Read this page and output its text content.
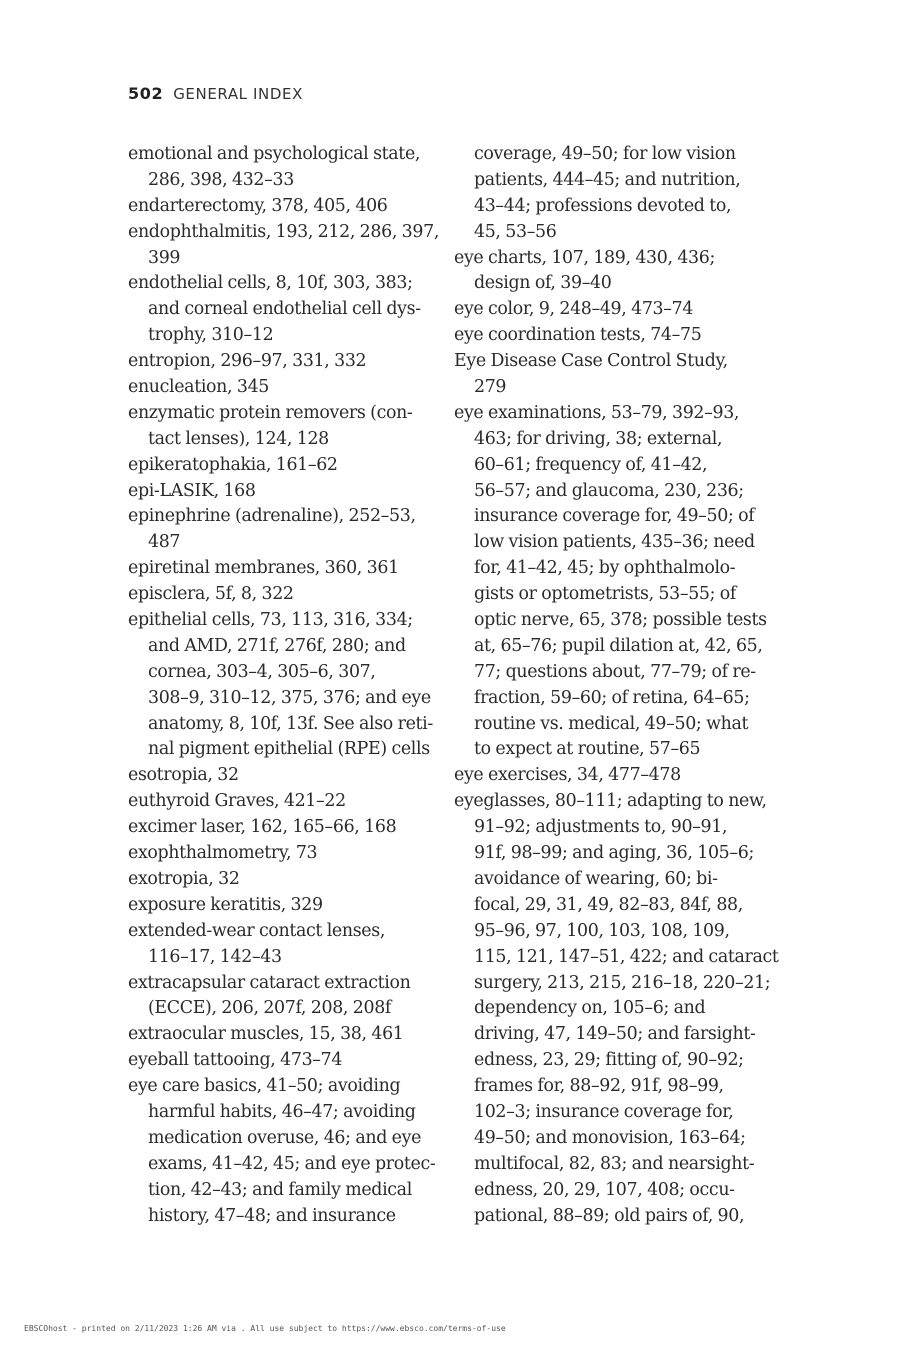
502 GENERAL INDEX
emotional and psychological state,
286, 398, 432–33
endarterectomy, 378, 405, 406
endophthalmitis, 193, 212, 286, 397,
399
endothelial cells, 8, 10f, 303, 383;
and corneal endothelial cell dys-
trophy, 310–12
entropion, 296–97, 331, 332
enucleation, 345
enzymatic protein removers (con-
tact lenses), 124, 128
epikeratophakia, 161–62
epi-LASIK, 168
epinephrine (adrenaline), 252–53,
487
epiretinal membranes, 360, 361
episclera, 5f, 8, 322
epithelial cells, 73, 113, 316, 334;
and AMD, 271f, 276f, 280; and
cornea, 303–4, 305–6, 307,
308–9, 310–12, 375, 376; and eye
anatomy, 8, 10f, 13f. See also reti-
nal pigment epithelial (RPE) cells
esotropia, 32
euthyroid Graves, 421–22
excimer laser, 162, 165–66, 168
exophthalmometry, 73
exotropia, 32
exposure keratitis, 329
extended-wear contact lenses,
116–17, 142–43
extracapsular cataract extraction
(ECCE), 206, 207f, 208, 208f
extraocular muscles, 15, 38, 461
eyeball tattooing, 473–74
eye care basics, 41–50; avoiding
harmful habits, 46–47; avoiding
medication overuse, 46; and eye
exams, 41–42, 45; and eye protec-
tion, 42–43; and family medical
history, 47–48; and insurance
coverage, 49–50; for low vision
patients, 444–45; and nutrition,
43–44; professions devoted to,
45, 53–56
eye charts, 107, 189, 430, 436;
design of, 39–40
eye color, 9, 248–49, 473–74
eye coordination tests, 74–75
Eye Disease Case Control Study,
279
eye examinations, 53–79, 392–93,
463; for driving, 38; external,
60–61; frequency of, 41–42,
56–57; and glaucoma, 230, 236;
insurance coverage for, 49–50; of
low vision patients, 435–36; need
for, 41–42, 45; by ophthalmolo-
gists or optometrists, 53–55; of
optic nerve, 65, 378; possible tests
at, 65–76; pupil dilation at, 42, 65,
77; questions about, 77–79; of re-
fraction, 59–60; of retina, 64–65;
routine vs. medical, 49–50; what
to expect at routine, 57–65
eye exercises, 34, 477–478
eyeglasses, 80–111; adapting to new,
91–92; adjustments to, 90–91,
91f, 98–99; and aging, 36, 105–6;
avoidance of wearing, 60; bi-
focal, 29, 31, 49, 82–83, 84f, 88,
95–96, 97, 100, 103, 108, 109,
115, 121, 147–51, 422; and cataract
surgery, 213, 215, 216–18, 220–21;
dependency on, 105–6; and
driving, 47, 149–50; and farsight-
edness, 23, 29; fitting of, 90–92;
frames for, 88–92, 91f, 98–99,
102–3; insurance coverage for,
49–50; and monovision, 163–64;
multifocal, 82, 83; and nearsight-
edness, 20, 29, 107, 408; occu-
pational, 88–89; old pairs of, 90,
EBSCOhost - printed on 2/11/2023 1:26 AM via . All use subject to https://www.ebsco.com/terms-of-use
